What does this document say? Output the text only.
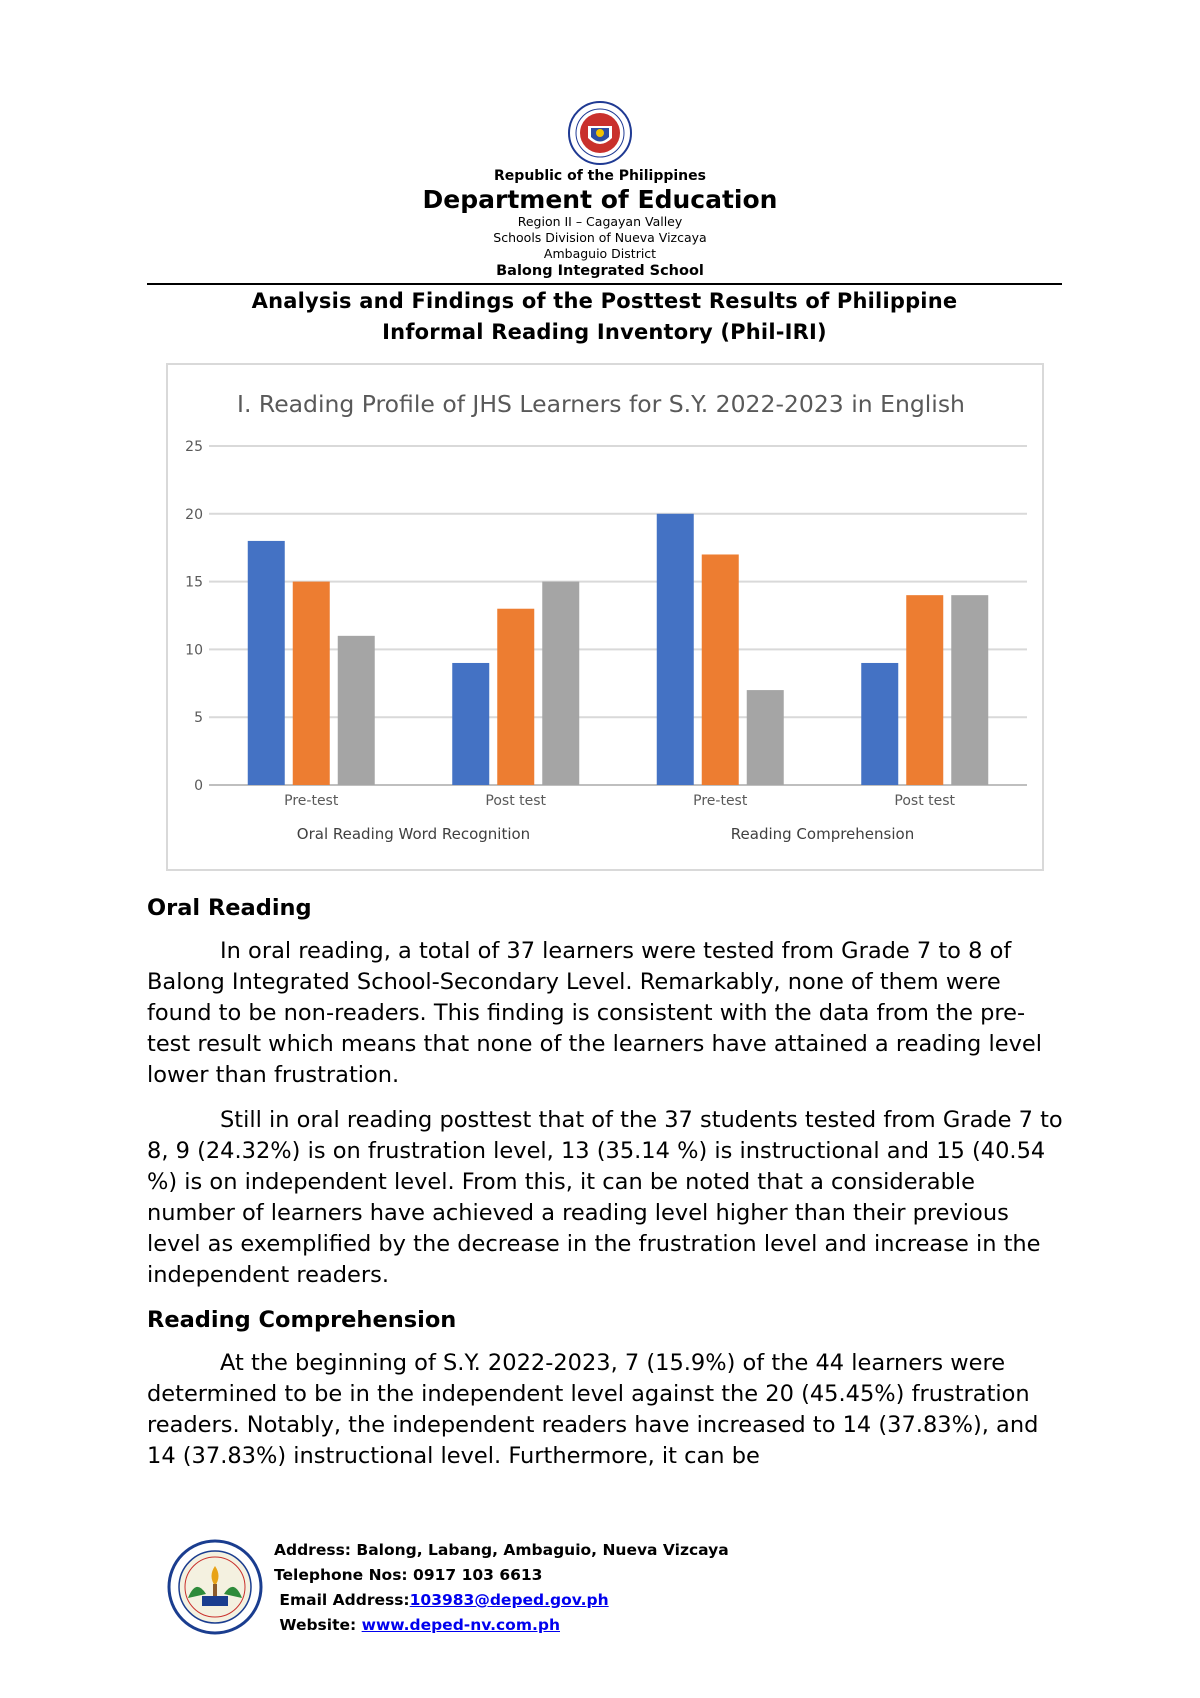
Republic of the Philippines
Department of Education
Region II – Cagayan Valley
Schools Division of Nueva Vizcaya
Ambaguio District
Balong Integrated School
Analysis and Findings of the Posttest Results of Philippine
Informal Reading Inventory (Phil-IRI)
I. Reading Profile of JHS Learners for S.Y. 2022-2023 in English
0
5
10
15
20
25
Pre-test	Post test	Pre-test	Post test
Oral Reading Word Recognition	Reading Comprehension
Oral Reading

In oral reading, a total of 37 learners were tested from Grade 7 to 8 of Balong Integrated School-Secondary Level. Remarkably, none of them were found to be non-readers. This finding is consistent with the data from the pre-test result which means that none of the learners have attained a reading level lower than frustration.

Still in oral reading posttest that of the 37 students tested from Grade 7 to 8, 9 (24.32%) is on frustration level, 13 (35.14 %) is instructional and 15 (40.54 %) is on independent level. From this, it can be noted that a considerable number of learners have achieved a reading level higher than their previous level as exemplified by the decrease in the frustration level and increase in the independent readers.

Reading Comprehension

At the beginning of S.Y. 2022-2023, 7 (15.9%) of the 44 learners were determined to be in the independent level against the 20 (45.45%) frustration readers. Notably, the independent readers have increased to 14 (37.83%), and 14 (37.83%) instructional level. Furthermore, it can be

Address: Balong, Labang, Ambaguio, Nueva Vizcaya
Telephone Nos: 0917 103 6613
Email Address:103983@deped.gov.ph
Website: www.deped-nv.com.ph
